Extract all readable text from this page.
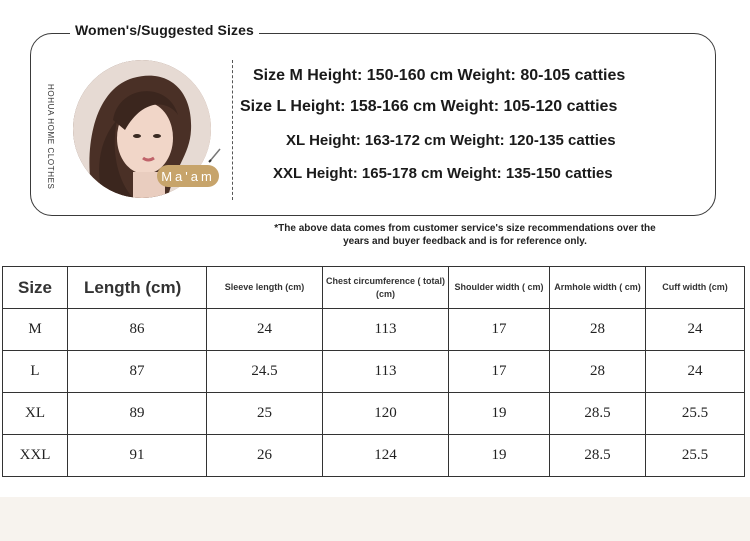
Women's/Suggested Sizes
HOHUA HOME CLOTHES	Ma'am
Size M Height: 150-160 cm Weight: 80-105 catties
Size L Height: 158-166 cm Weight: 105-120 catties
XL Height: 163-172 cm Weight: 120-135 catties
XXL Height: 165-178 cm Weight: 135-150 catties
*The above data comes from customer service's size recommendations over the
years and buyer feedback and is for reference only.
Size	Length (cm)	Sleeve length (cm)	Chest circumference ( total) (cm)	Shoulder width ( cm)	Armhole width ( cm)	Cuff width (cm)
M	86	24	113	17	28	24
L	87	24.5	113	17	28	24
XL	89	25	120	19	28.5	25.5
XXL	91	26	124	19	28.5	25.5
